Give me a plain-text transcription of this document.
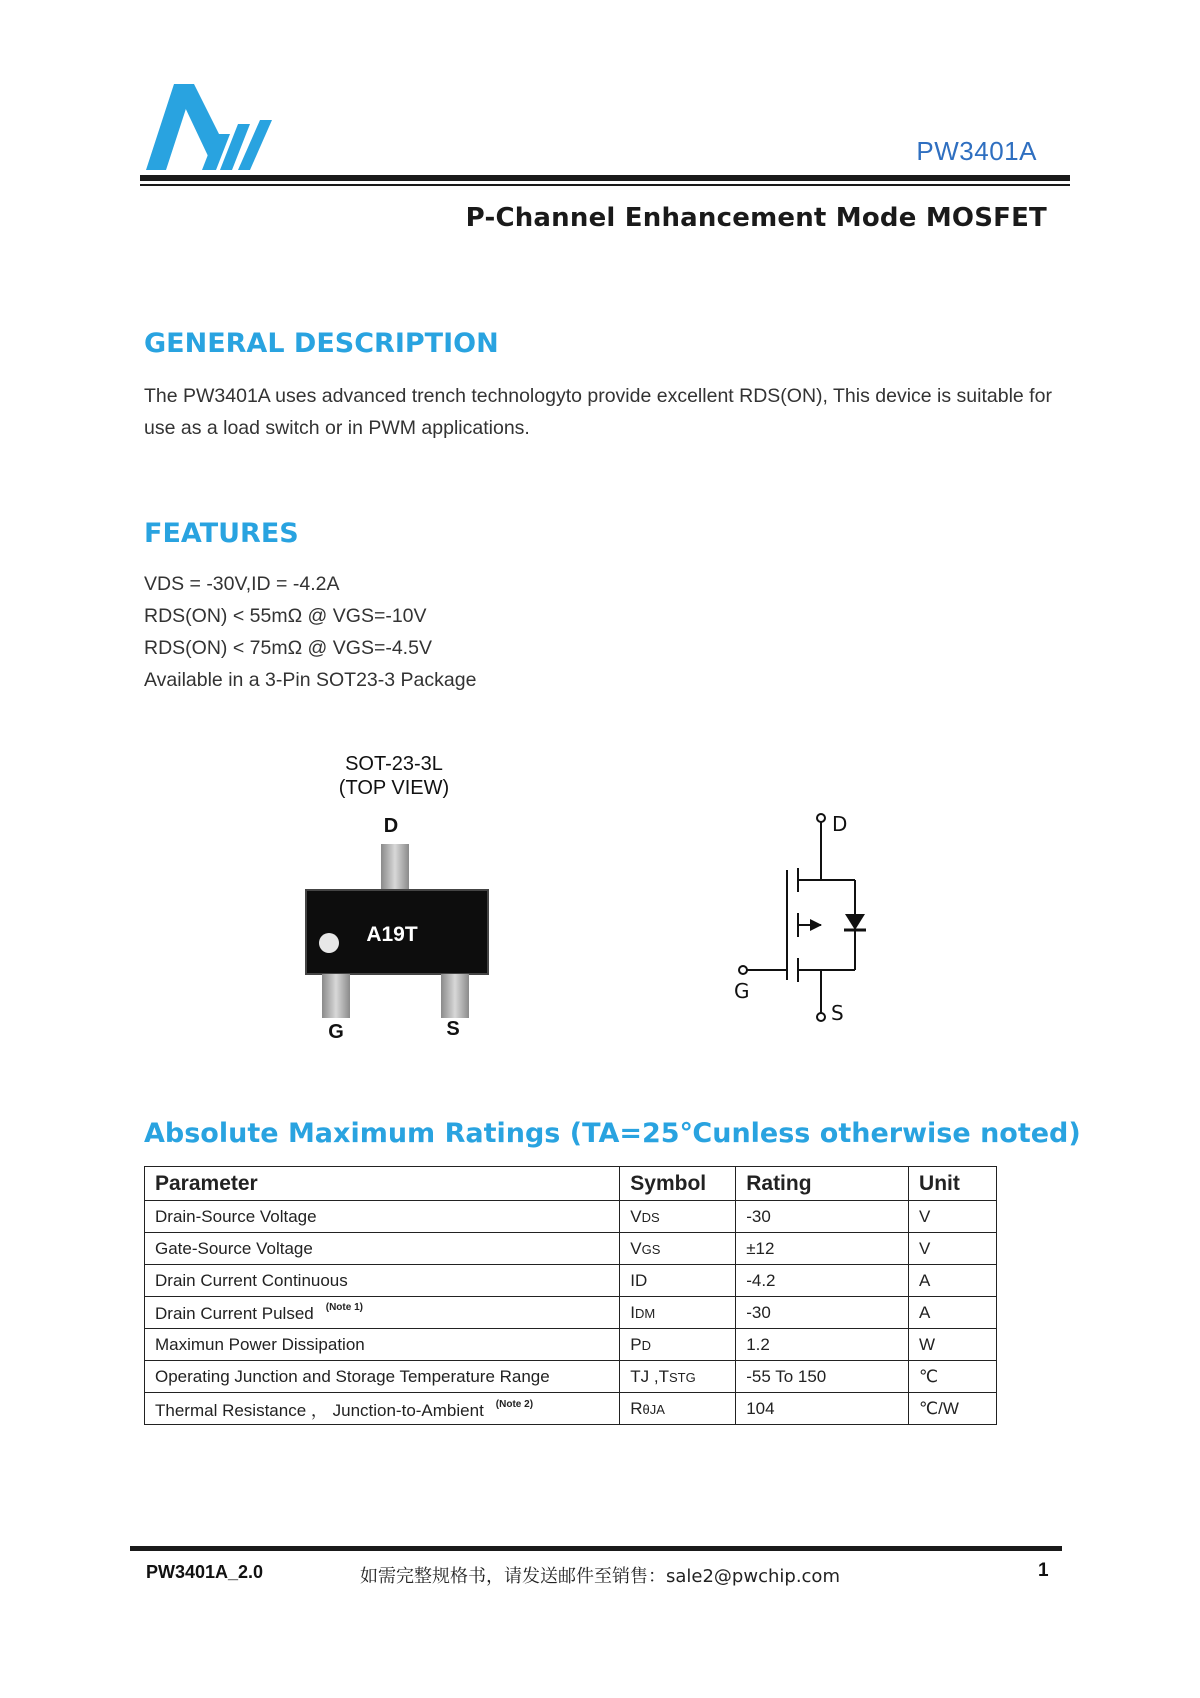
PW3401A
P-Channel Enhancement Mode MOSFET
GENERAL DESCRIPTION
The PW3401A uses advanced trench technologyto provide excellent RDS(ON), This device is suitable for use as a load switch or in PWM applications.
FEATURES
VDS = -30V,ID = -4.2A
RDS(ON) < 55mΩ @ VGS=-10V
RDS(ON) < 75mΩ @ VGS=-4.5V
Available in a 3-Pin SOT23-3 Package
SOT-23-3L
(TOP VIEW)
D
A19T
G	S
D
G
S
Absolute Maximum Ratings (TA=25℃unless otherwise noted)
Parameter	Symbol	Rating	Unit
Drain-Source Voltage	VDS	-30	V
Gate-Source Voltage	VGS	±12	V
Drain Current Continuous	ID	-4.2	A
Drain Current Pulsed $^{(Note 1)}$	IDM	-30	A
Maximun Power Dissipation	PD	1.2	W
Operating Junction and Storage Temperature Range	TJ ,TSTG	-55 To 150	℃
Thermal Resistance ， Junction-to-Ambient $^{(Note 2)}$	RθJA	104	℃/W
PW3401A_2.0	如需完整规格书，请发送邮件至销售：sale2@pwchip.com	1
